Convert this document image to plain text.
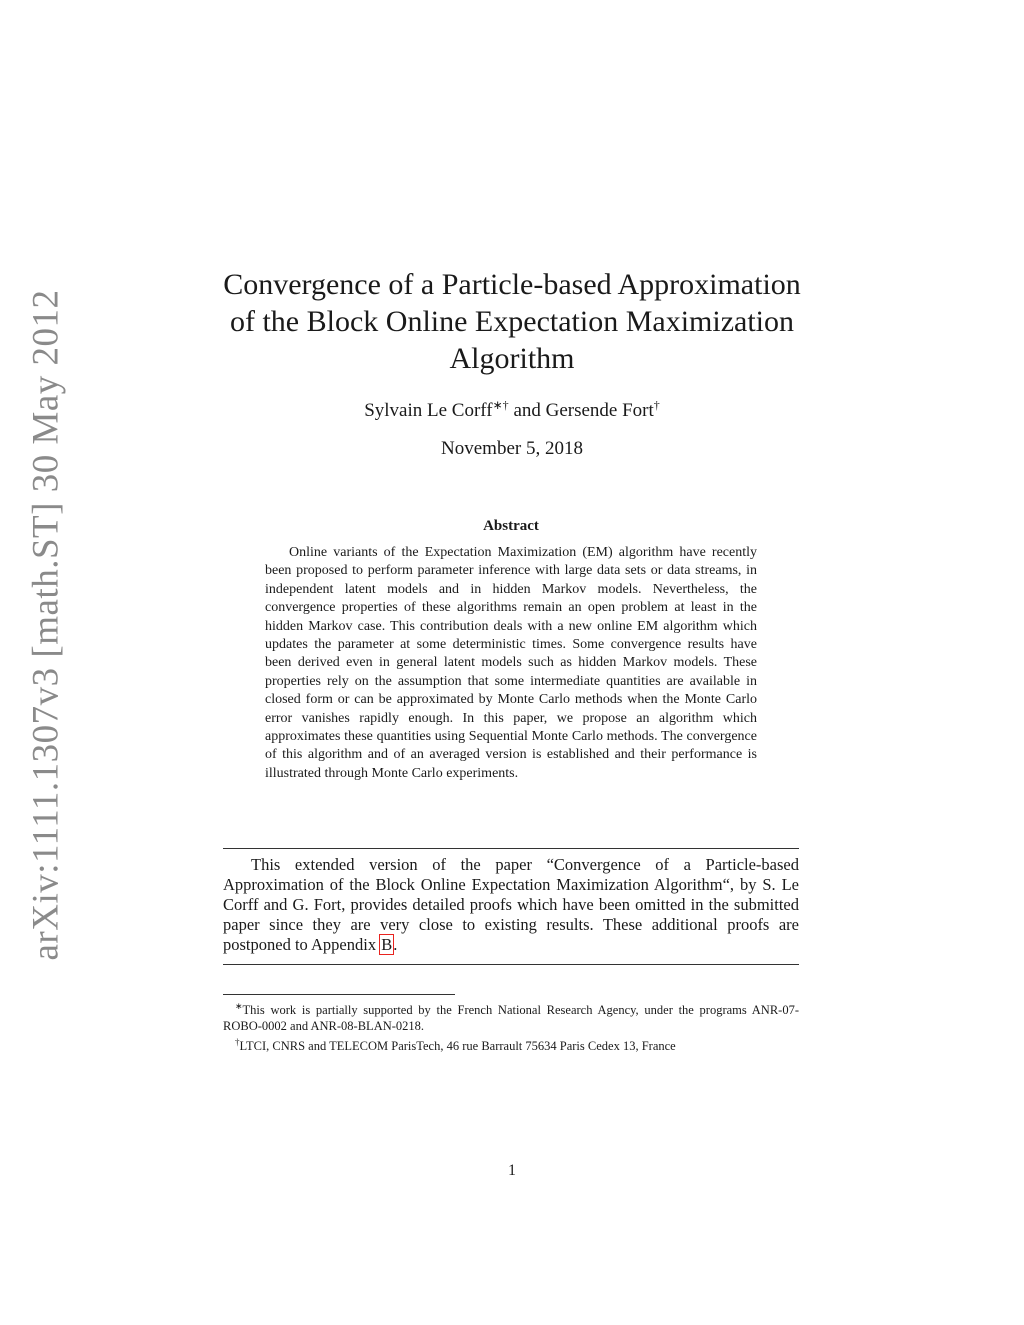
arXiv:1111.1307v3 [math.ST] 30 May 2012
Convergence of a Particle-based Approximation
of the Block Online Expectation Maximization
Algorithm
Sylvain Le Corff∗† and Gersende Fort†
November 5, 2018
Abstract

Online variants of the Expectation Maximization (EM) algorithm have recently been proposed to perform parameter inference with large data sets or data streams, in independent latent models and in hidden Markov models. Nevertheless, the convergence properties of these algorithms remain an open problem at least in the hidden Markov case. This contribution deals with a new online EM algorithm which updates the parameter at some deterministic times. Some convergence results have been derived even in general latent models such as hidden Markov models. These properties rely on the assumption that some intermediate quantities are available in closed form or can be approximated by Monte Carlo methods when the Monte Carlo error vanishes rapidly enough. In this paper, we propose an algorithm which approximates these quantities using Sequential Monte Carlo methods. The convergence of this algorithm and of an averaged version is established and their performance is illustrated through Monte Carlo experiments.

This extended version of the paper “Convergence of a Particle-based Approximation of the Block Online Expectation Maximization Algorithm“, by S. Le Corff and G. Fort, provides detailed proofs which have been omitted in the submitted paper since they are very close to existing results. These additional proofs are postponed to Appendix B.

∗This work is partially supported by the French National Research Agency, under the programs ANR-07-ROBO-0002 and ANR-08-BLAN-0218.

†LTCI, CNRS and TELECOM ParisTech, 46 rue Barrault 75634 Paris Cedex 13, France

1
